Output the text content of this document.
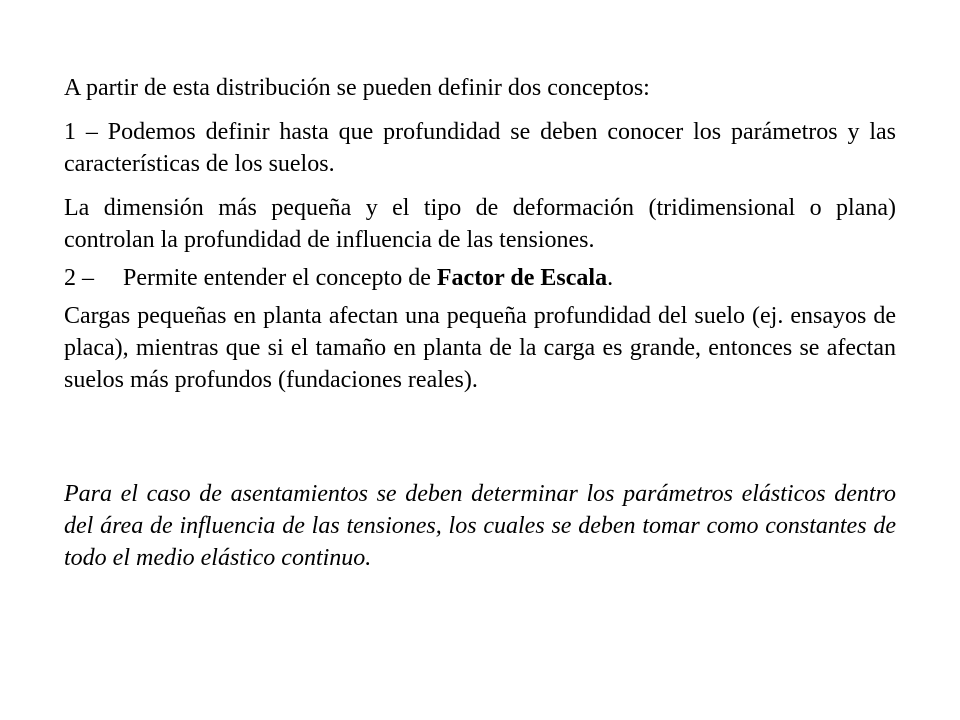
A partir de esta distribución se pueden definir dos conceptos:

1 – Podemos definir hasta que profundidad se deben conocer los parámetros y las características de los suelos.

La dimensión más pequeña y el tipo de deformación (tridimensional o plana) controlan la profundidad de influencia de las tensiones.

2 – Permite entender el concepto de Factor de Escala.

Cargas pequeñas en planta afectan una pequeña profundidad del suelo (ej. ensayos de placa), mientras que si el tamaño en planta de la carga es grande, entonces se afectan suelos más profundos (fundaciones reales).

Para el caso de asentamientos se deben determinar los parámetros elásticos dentro del área de influencia de las tensiones, los cuales se deben tomar como constantes de todo el medio elástico continuo.
